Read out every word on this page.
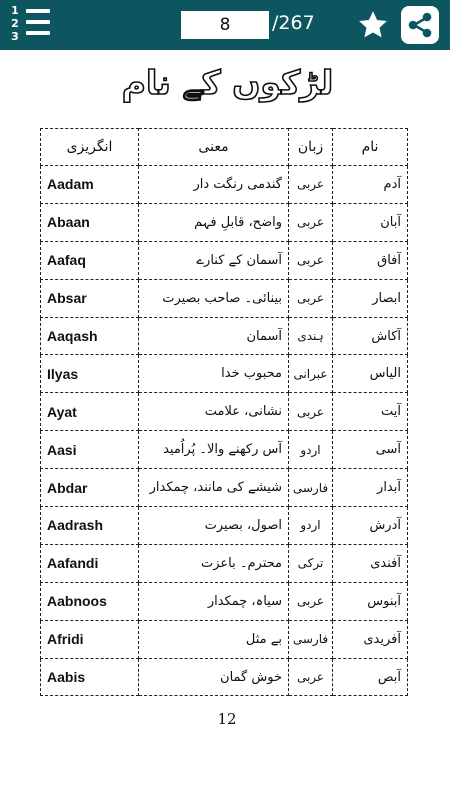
1
2
3
8
/267
لڑکوں کے نام
انگریزی	معنی	زبان	نام
Aadam	گندمی رنگت دار	عربی	آدم
Abaan	واضح، قابلِ فہم	عربی	آبان
Aafaq	آسمان کے کنارے	عربی	آفاق
Absar	بینائی۔ صاحب بصیرت	عربی	ابصار
Aaqash	آسمان	ہندی	آکاش
Ilyas	محبوب خدا	عبرانی	الیاس
Ayat	نشانی، علامت	عربی	آیت
Aasi	آس رکھنے والا۔ پُراُمید	اردو	آسی
Abdar	شیشے کی مانند، چمکدار	فارسی	آبدار
Aadrash	اصول، بصیرت	اردو	آدرش
Aafandi	محترم۔ باعزت	ترکی	آفندی
Aabnoos	سیاہ، چمکدار	عربی	آبنوس
Afridi	بے مثل	فارسی	آفریدی
Aabis	خوش گمان	عربی	آبص
12
